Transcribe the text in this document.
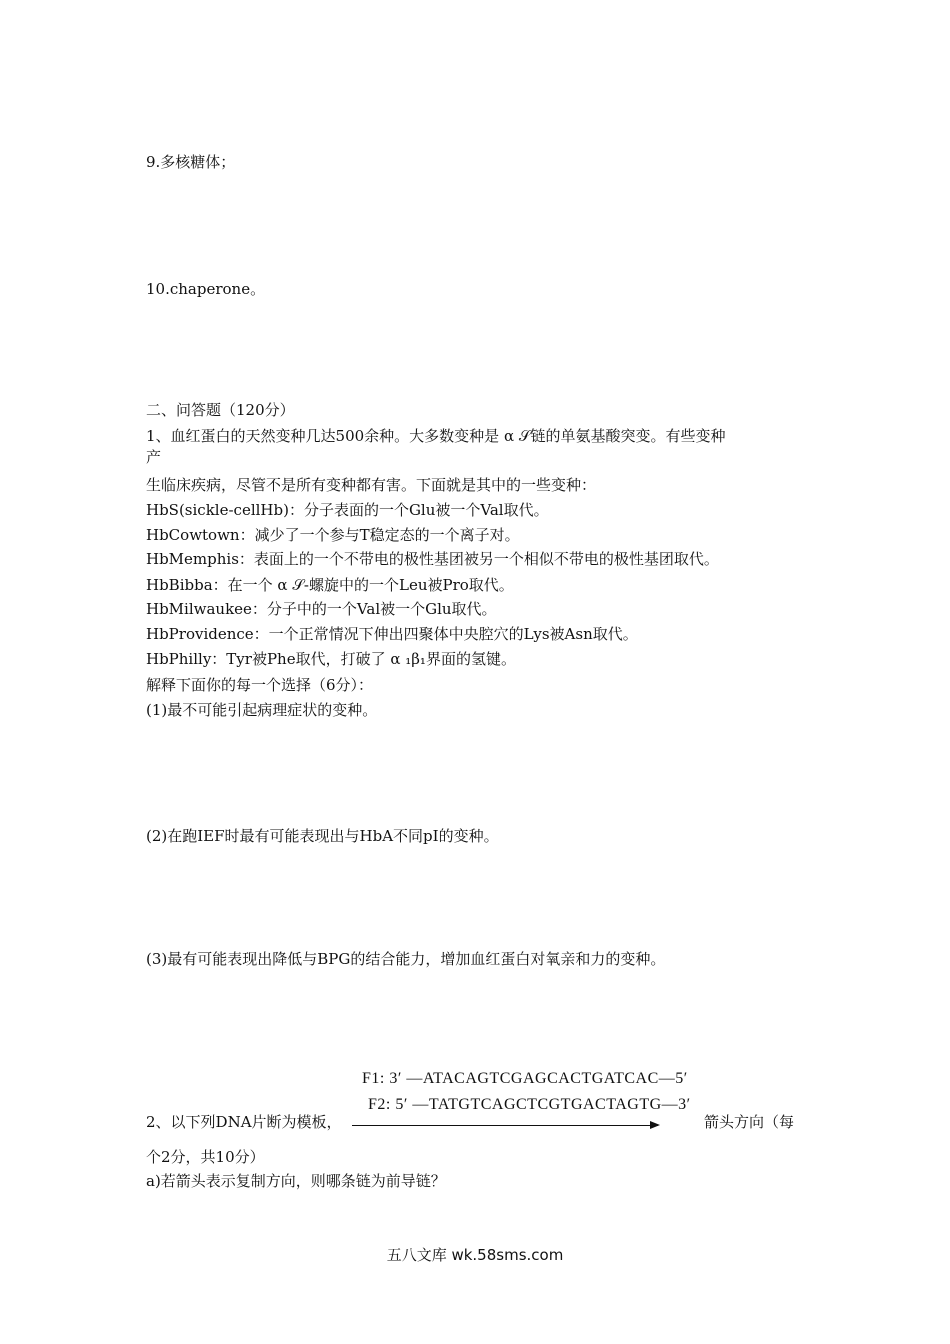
9.多核糖体；
10.chaperone。
二、问答题（120分）
1、血红蛋白的天然变种几达500余种。大多数变种是 α 𝒮链的单氨基酸突变。有些变种
产
生临床疾病，尽管不是所有变种都有害。下面就是其中的一些变种：
HbS(sickle-cellHb)：分子表面的一个Glu被一个Val取代。
HbCowtown：减少了一个参与T稳定态的一个离子对。
HbMemphis：表面上的一个不带电的极性基团被另一个相似不带电的极性基团取代。
HbBibba：在一个 α 𝒮-螺旋中的一个Leu被Pro取代。
HbMilwaukee：分子中的一个Val被一个Glu取代。
HbProvidence：一个正常情况下伸出四聚体中央腔穴的Lys被Asn取代。
HbPhilly：Tyr被Phe取代，打破了 α ₁β₁界面的氢键。
解释下面你的每一个选择（6分）：
(1)最不可能引起病理症状的变种。
(2)在跑IEF时最有可能表现出与HbA不同pI的变种。
(3)最有可能表现出降低与BPG的结合能力，增加血红蛋白对氧亲和力的变种。
F1: 3′ —ATACAGTCGAGCACTGATCAC—5′
F2: 5′ —TATGTCAGCTCGTGACTAGTG—3′
2、以下列DNA片断为模板，	箭头方向（每
个2分，共10分）
a)若箭头表示复制方向，则哪条链为前导链？
五八文库 wk.58sms.com
